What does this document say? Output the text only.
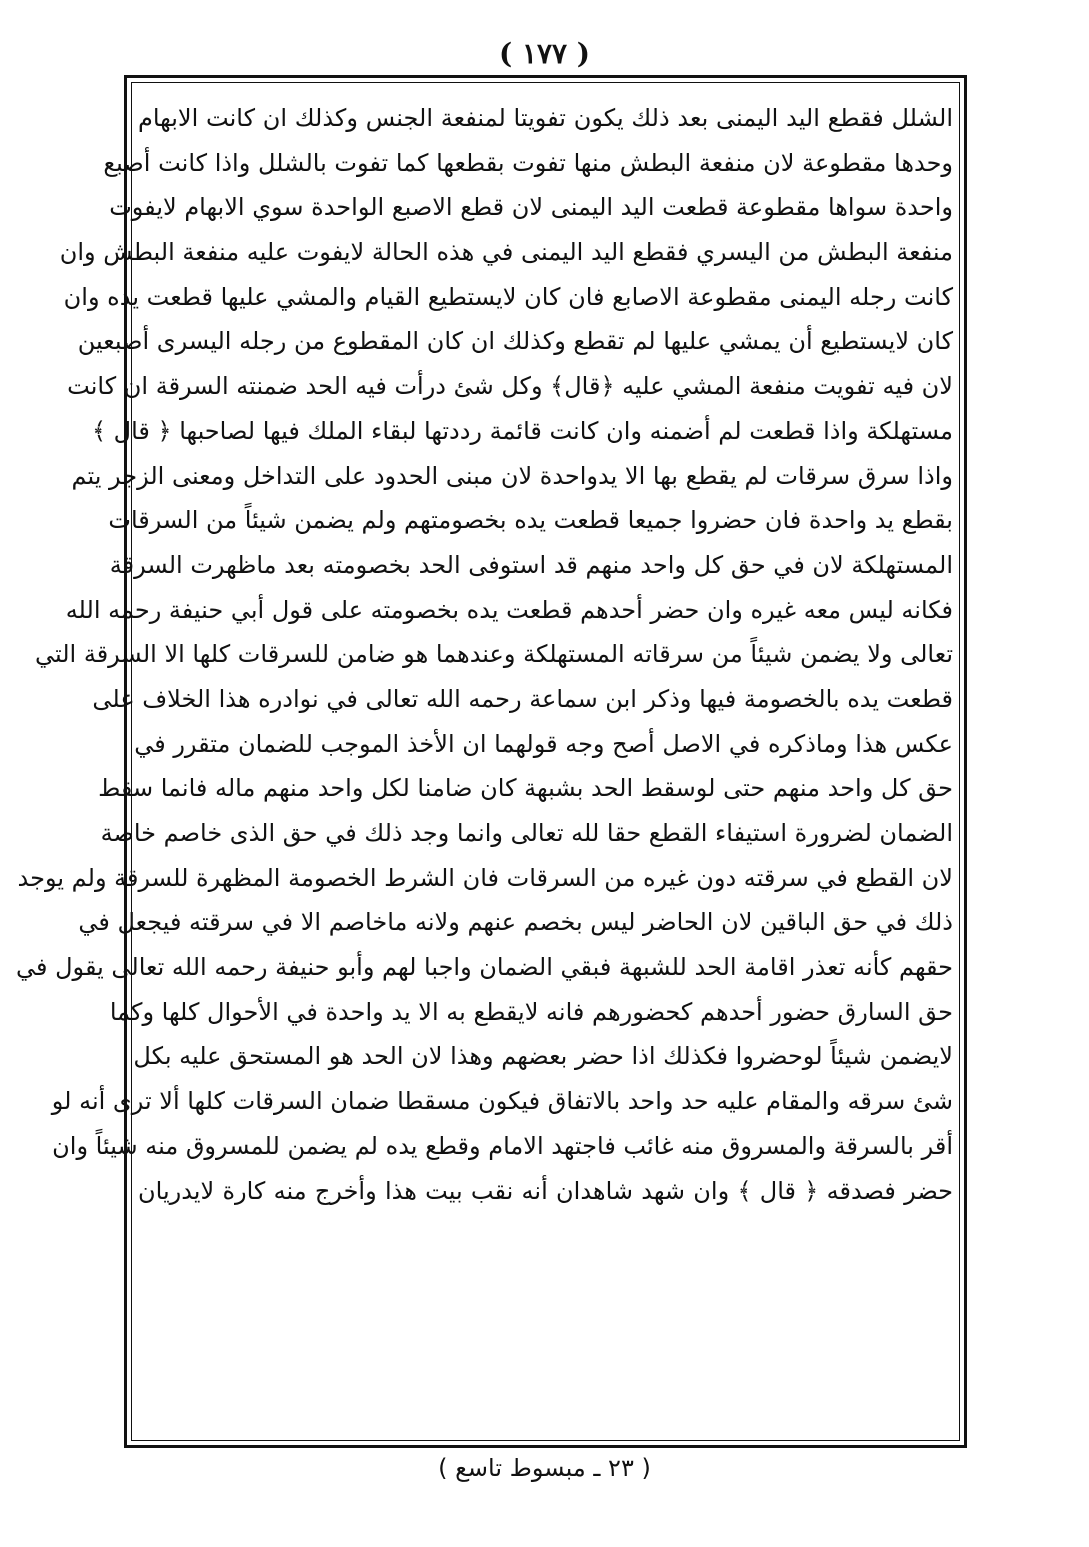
( ١٧٧ )
الشلل فقطع اليد اليمنى بعد ذلك يكون تفويتا لمنفعة الجنس وكذلك ان كانت الابهام
وحدها مقطوعة لان منفعة البطش منها تفوت بقطعها كما تفوت بالشلل واذا كانت أصبع
واحدة سواها مقطوعة قطعت اليد اليمنى لان قطع الاصبع الواحدة سوي الابهام لايفوت
منفعة البطش من اليسري فقطع اليد اليمنى في هذه الحالة لايفوت عليه منفعة البطش وان
كانت رجله اليمنى مقطوعة الاصابع فان كان لايستطيع القيام والمشي عليها قطعت يده وان
كان لايستطيع أن يمشي عليها لم تقطع وكذلك ان كان المقطوع من رجله اليسرى أصبعين
لان فيه تفويت منفعة المشي عليه ﴿قال﴾ وكل شئ درأت فيه الحد ضمنته السرقة ان كانت
مستهلكة واذا قطعت لم أضمنه وان كانت قائمة رددتها لبقاء الملك فيها لصاحبها ﴿ قال ﴾
واذا سرق سرقات لم يقطع بها الا يدواحدة لان مبنى الحدود على التداخل ومعنى الزجر يتم
بقطع يد واحدة فان حضروا جميعا قطعت يده بخصومتهم ولم يضمن شيئاً من السرقات
المستهلكة لان في حق كل واحد منهم قد استوفى الحد بخصومته بعد ماظهرت السرقة
فكانه ليس معه غيره وان حضر أحدهم قطعت يده بخصومته على قول أبي حنيفة رحمه الله
تعالى ولا يضمن شيئاً من سرقاته المستهلكة وعندهما هو ضامن للسرقات كلها الا السرقة التي
قطعت يده بالخصومة فيها وذكر ابن سماعة رحمه الله تعالى في نوادره هذا الخلاف على
عكس هذا وماذكره في الاصل أصح وجه قولهما ان الأخذ الموجب للضمان متقرر في
حق كل واحد منهم حتى لوسقط الحد بشبهة كان ضامنا لكل واحد منهم ماله فانما سقط
الضمان لضرورة استيفاء القطع حقا لله تعالى وانما وجد ذلك في حق الذى خاصم خاصة
لان القطع في سرقته دون غيره من السرقات فان الشرط الخصومة المظهرة للسرقة ولم يوجد
ذلك في حق الباقين لان الحاضر ليس بخصم عنهم ولانه ماخاصم الا في سرقته فيجعل في
حقهم كأنه تعذر اقامة الحد للشبهة فبقي الضمان واجبا لهم وأبو حنيفة رحمه الله تعالى يقول في
حق السارق حضور أحدهم كحضورهم فانه لايقطع به الا يد واحدة في الأحوال كلها وكما
لايضمن شيئاً لوحضروا فكذلك اذا حضر بعضهم وهذا لان الحد هو المستحق عليه بكل
شئ سرقه والمقام عليه حد واحد بالاتفاق فيكون مسقطا ضمان السرقات كلها ألا ترى أنه لو
أقر بالسرقة والمسروق منه غائب فاجتهد الامام وقطع يده لم يضمن للمسروق منه شيئاً وان
حضر فصدقه ﴿ قال ﴾ وان شهد شاهدان أنه نقب بيت هذا وأخرج منه كارة لايدريان
( ٢٣ ـ مبسوط تاسع )
